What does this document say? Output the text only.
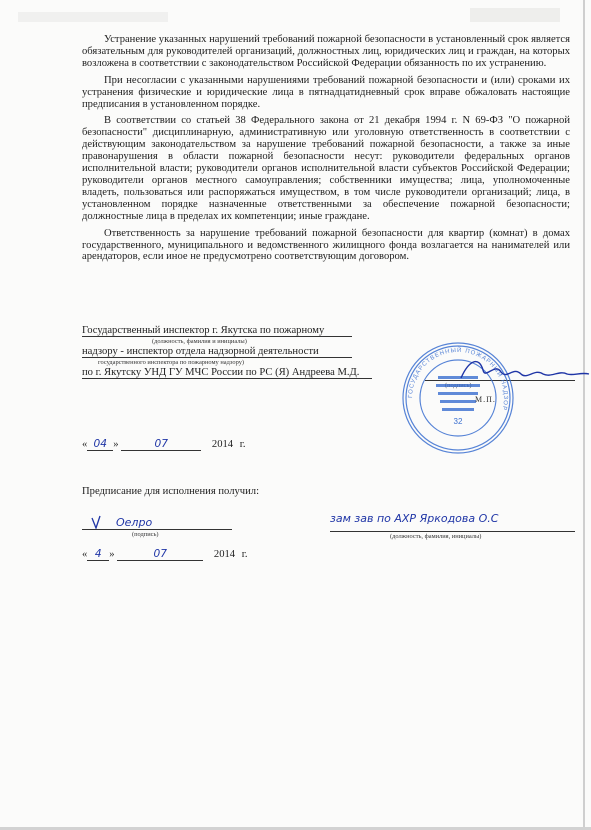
Устранение указанных нарушений требований пожарной безопасности в установленный срок является обязательным для руководителей организаций, должностных лиц, юридических лиц и граждан, на которых возложена в соответствии с законодательством Российской Федерации обязанность по их устранению.

При несогласии с указанными нарушениями требований пожарной безопасности и (или) сроками их устранения физические и юридические лица в пятнадцатидневный срок вправе обжаловать настоящие предписания в установленном порядке.

В соответствии со статьей 38 Федерального закона от 21 декабря 1994 г. N 69-ФЗ "О пожарной безопасности" дисциплинарную, административную или уголовную ответственность в соответствии с действующим законодательством за нарушение требований пожарной безопасности, а также за иные правонарушения в области пожарной безопасности несут: руководители федеральных органов исполнительной власти; руководители органов исполнительной власти субъектов Российской Федерации; руководители органов местного самоуправления; собственники имущества; лица, уполномоченные владеть, пользоваться или распоряжаться имуществом, в том числе руководители организаций; лица, в установленном порядке назначенные ответственными за обеспечение пожарной безопасности; должностные лица в пределах их компетенции; иные граждане.

Ответственность за нарушение требований пожарной безопасности для квартир (комнат) в домах государственного, муниципального и ведомственного жилищного фонда возлагается на нанимателей или арендаторов, если иное не предусмотрено соответствующим договором.

Государственный инспектор г. Якутска по пожарному
(должность, фамилия и инициалы)
надзору - инспектор отдела надзорной деятельности
государственного инспектора по пожарному надзору)
по г. Якутску УНД ГУ МЧС России по РС (Я) Андреева М.Д.
ГОСУДАРСТВЕННЫЙ ПОЖАРНЫЙ НАДЗОР
32
М.П.
« 04 »	07	2014 г.
Предписание для исполнения получил:
Оелро
(подпись)
зам зав по АХР Яркодова О.С
(должность, фамилия, инициалы)
« 4 »	07	2014 г.
